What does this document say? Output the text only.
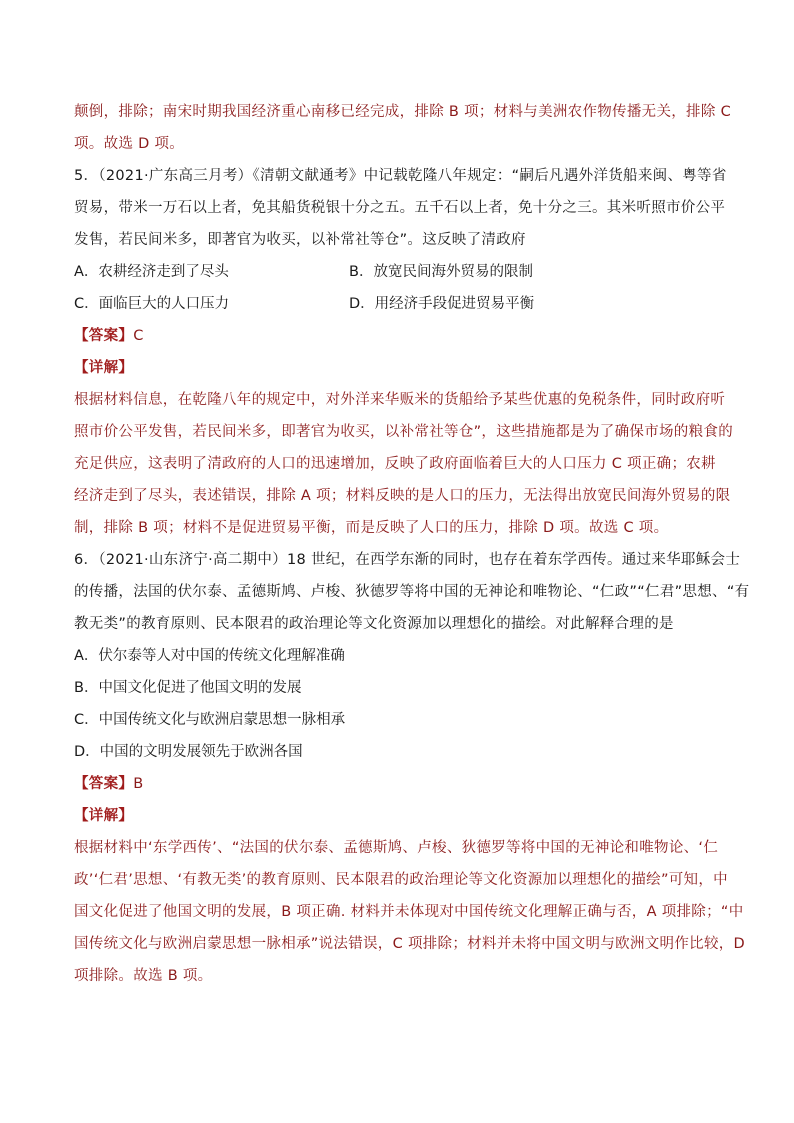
颠倒，排除；南宋时期我国经济重心南移已经完成，排除 B 项；材料与美洲农作物传播无关，排除 C
项。故选 D 项。
5．（2021·广东高三月考）《清朝文献通考》中记载乾隆八年规定：“嗣后凡遇外洋货船来闽、粤等省
贸易，带米一万石以上者，免其船货税银十分之五。五千石以上者，免十分之三。其米听照市价公平
发售，若民间米多，即著官为收买，以补常社等仓”。这反映了清政府
A．农耕经济走到了尽头	B．放宽民间海外贸易的限制
C．面临巨大的人口压力	D．用经济手段促进贸易平衡
【答案】C
【详解】
根据材料信息，在乾隆八年的规定中，对外洋来华贩米的货船给予某些优惠的免税条件，同时政府听
照市价公平发售，若民间米多，即著官为收买，以补常社等仓”，这些措施都是为了确保市场的粮食的
充足供应，这表明了清政府的人口的迅速增加，反映了政府面临着巨大的人口压力 C 项正确；农耕
经济走到了尽头，表述错误，排除 A 项；材料反映的是人口的压力，无法得出放宽民间海外贸易的限
制，排除 B 项；材料不是促进贸易平衡，而是反映了人口的压力，排除 D 项。故选 C 项。
6．（2021·山东济宁·高二期中）18 世纪，在西学东渐的同时，也存在着东学西传。通过来华耶稣会士
的传播，法国的伏尔泰、孟德斯鸠、卢梭、狄德罗等将中国的无神论和唯物论、“仁政”“仁君”思想、“有
教无类”的教育原则、民本限君的政治理论等文化资源加以理想化的描绘。对此解释合理的是
A．伏尔泰等人对中国的传统文化理解准确
B．中国文化促进了他国文明的发展
C．中国传统文化与欧洲启蒙思想一脉相承
D．中国的文明发展领先于欧洲各国
【答案】B
【详解】
根据材料中‘东学西传’、“法国的伏尔泰、孟德斯鸠、卢梭、狄德罗等将中国的无神论和唯物论、‘仁
政’‘仁君’思想、‘有教无类’的教育原则、民本限君的政治理论等文化资源加以理想化的描绘”可知，中
国文化促进了他国文明的发展，B 项正确. 材料并未体现对中国传统文化理解正确与否，A 项排除；“中
国传统文化与欧洲启蒙思想一脉相承”说法错误，C 项排除；材料并未将中国文明与欧洲文明作比较，D
项排除。故选 B 项。
